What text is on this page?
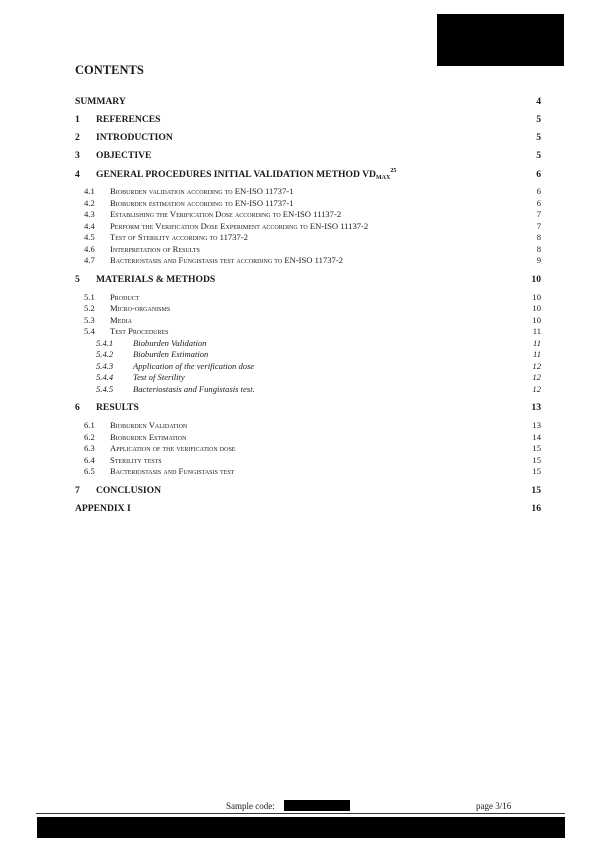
CONTENTS
SUMMARY	4
1	REFERENCES	5
2	INTRODUCTION	5
3	OBJECTIVE	5
4	GENERAL PROCEDURES INITIAL VALIDATION METHOD $VD_{MAX}^{25}$	6
4.1	Bioburden validation according to EN-ISO 11737-1	6
4.2	Bioburden estimation according to EN-ISO 11737-1	6
4.3	Establishing the Verification Dose according to EN-ISO 11137-2	7
4.4	Perform the Verification Dose Experiment according to EN-ISO 11137-2	7
4.5	Test of Sterility according to 11737-2	8
4.6	Interpretation of Results	8
4.7	Bacteriostasis and Fungistasis test according to EN-ISO 11737-2	9
5	MATERIALS & METHODS	10
5.1	Product	10
5.2	Micro-organisms	10
5.3	Media	10
5.4	Test Procedures	11
5.4.1	Bioburden Validation	11
5.4.2	Bioburden Estimation	11
5.4.3	Application of the verification dose	12
5.4.4	Test of Sterility	12
5.4.5	Bacteriostasis and Fungistasis test.	12
6	RESULTS	13
6.1	Bioburden Validation	13
6.2	Bioburden Estimation	14
6.3	Application of the verification dose	15
6.4	Sterility tests	15
6.5	Bacteriostasis and Fungistasis test	15
7	CONCLUSION	15
APPENDIX I	16
Sample code:	page 3/16
